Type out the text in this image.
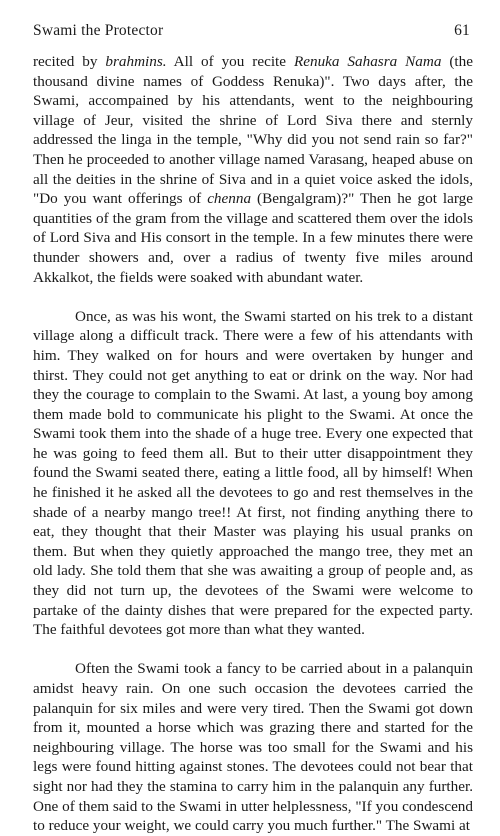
Swami the Protector	61

recited by brahmins. All of you recite Renuka Sahasra Nama (the thousand divine names of Goddess Renuka)". Two days after, the Swami, accompained by his attendants, went to the neighbouring village of Jeur, visited the shrine of Lord Siva there and sternly addressed the linga in the temple, "Why did you not send rain so far?" Then he proceeded to another village named Varasang, heaped abuse on all the deities in the shrine of Siva and in a quiet voice asked the idols, "Do you want offerings of chenna (Bengalgram)?" Then he got large quantities of the gram from the village and scattered them over the idols of Lord Siva and His consort in the temple. In a few minutes there were thunder showers and, over a radius of twenty five miles around Akkalkot, the fields were soaked with abundant water.

Once, as was his wont, the Swami started on his trek to a distant village along a difficult track. There were a few of his attendants with him. They walked on for hours and were overtaken by hunger and thirst. They could not get anything to eat or drink on the way. Nor had they the courage to complain to the Swami. At last, a young boy among them made bold to communicate his plight to the Swami. At once the Swami took them into the shade of a huge tree. Every one expected that he was going to feed them all. But to their utter disappointment they found the Swami seated there, eating a little food, all by himself! When he finished it he asked all the devotees to go and rest themselves in the shade of a nearby mango tree!! At first, not finding anything there to eat, they thought that their Master was playing his usual pranks on them. But when they quietly approached the mango tree, they met an old lady. She told them that she was awaiting a group of people and, as they did not turn up, the devotees of the Swami were welcome to partake of the dainty dishes that were prepared for the expected party. The faithful devotees got more than what they wanted.

Often the Swami took a fancy to be carried about in a palanquin amidst heavy rain. On one such occasion the devotees carried the palanquin for six miles and were very tired. Then the Swami got down from it, mounted a horse which was grazing there and started for the neighbouring village. The horse was too small for the Swami and his legs were found hitting against stones. The devotees could not bear that sight nor had they the stamina to carry him in the palanquin any further. One of them said to the Swami in utter helplessness, "If you condescend to reduce your weight, we could carry you much further." The Swami at
